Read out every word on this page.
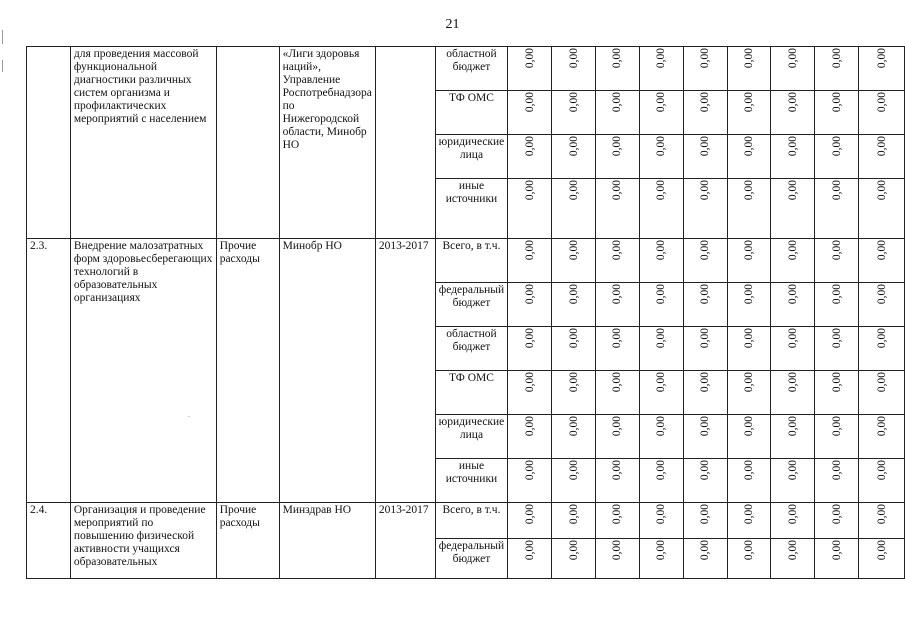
21
	для проведения массовой функциональной диагностики различных систем организма и профилактических мероприятий с населением		«Лиги здоровья наций», Управление Роспотребнадзора по Нижегородской области, Минобр НО		областной бюджет	0,00	0,00	0,00	0,00	0,00	0,00	0,00	0,00	0,00
					ТФ ОМС	0,00	0,00	0,00	0,00	0,00	0,00	0,00	0,00	0,00
					юридические лица	0,00	0,00	0,00	0,00	0,00	0,00	0,00	0,00	0,00
					иные источники	0,00	0,00	0,00	0,00	0,00	0,00	0,00	0,00	0,00
2.3.	Внедрение малозатратных форм здоровьесберегающих технологий в образовательных организациях	Прочие расходы	Минобр НО	2013-2017	Всего, в т.ч.	0,00	0,00	0,00	0,00	0,00	0,00	0,00	0,00	0,00
					федеральный бюджет	0,00	0,00	0,00	0,00	0,00	0,00	0,00	0,00	0,00
					областной бюджет	0,00	0,00	0,00	0,00	0,00	0,00	0,00	0,00	0,00
					ТФ ОМС	0,00	0,00	0,00	0,00	0,00	0,00	0,00	0,00	0,00
					юридические лица	0,00	0,00	0,00	0,00	0,00	0,00	0,00	0,00	0,00
					иные источники	0,00	0,00	0,00	0,00	0,00	0,00	0,00	0,00	0,00
2.4.	Организация и проведение мероприятий по повышению физической активности учащихся образовательных	Прочие расходы	Минздрав НО	2013-2017	Всего, в т.ч.	0,00	0,00	0,00	0,00	0,00	0,00	0,00	0,00	0,00
					федеральный бюджет	0,00	0,00	0,00	0,00	0,00	0,00	0,00	0,00	0,00
.
